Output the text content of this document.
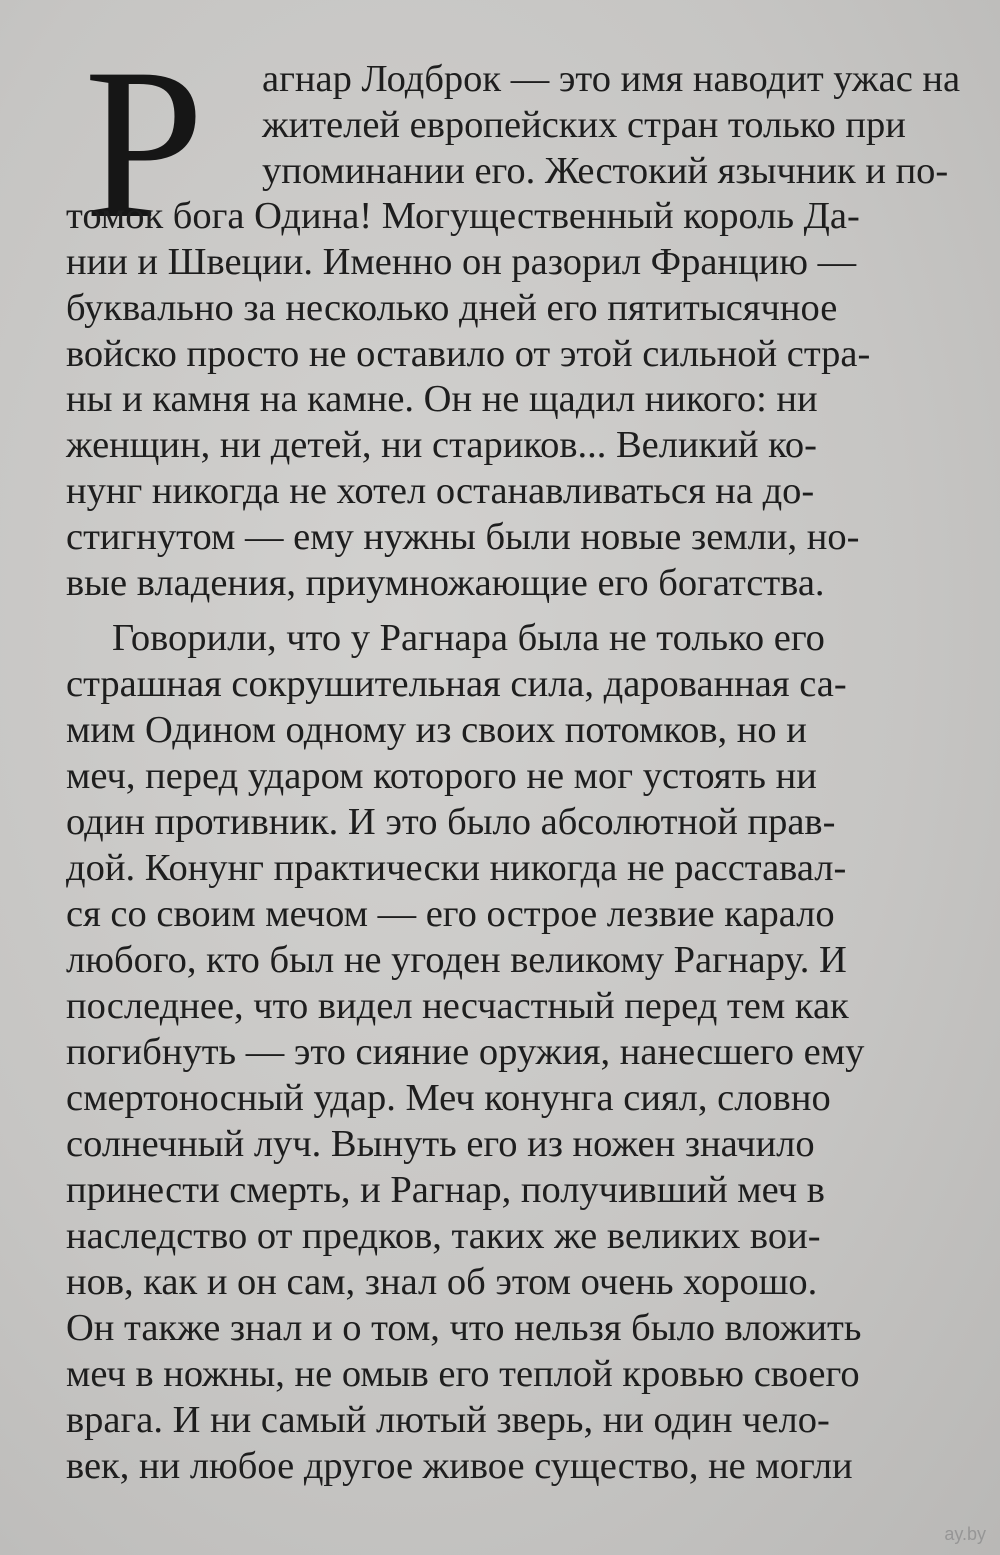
Р агнар Лодброк — это имя наводит ужас на
жителей европейских стран только при
упоминании его. Жестокий язычник и по-
томок бога Одина! Могущественный король Да-
нии и Швеции. Именно он разорил Францию —
буквально за несколько дней его пятитысячное
войско просто не оставило от этой сильной стра-
ны и камня на камне. Он не щадил никого: ни
женщин, ни детей, ни стариков... Великий ко-
нунг никогда не хотел останавливаться на до-
стигнутом — ему нужны были новые земли, но-
вые владения, приумножающие его богатства.
Говорили, что у Рагнара была не только его
страшная сокрушительная сила, дарованная са-
мим Одином одному из своих потомков, но и
меч, перед ударом которого не мог устоять ни
один противник. И это было абсолютной прав-
дой. Конунг практически никогда не расставал-
ся со своим мечом — его острое лезвие карало
любого, кто был не угоден великому Рагнару. И
последнее, что видел несчастный перед тем как
погибнуть — это сияние оружия, нанесшего ему
смертоносный удар. Меч конунга сиял, словно
солнечный луч. Вынуть его из ножен значило
принести смерть, и Рагнар, получивший меч в
наследство от предков, таких же великих вои-
нов, как и он сам, знал об этом очень хорошо.
Он также знал и о том, что нельзя было вложить
меч в ножны, не омыв его теплой кровью своего
врага. И ни самый лютый зверь, ни один чело-
век, ни любое другое живое существо, не могли
ay.by
